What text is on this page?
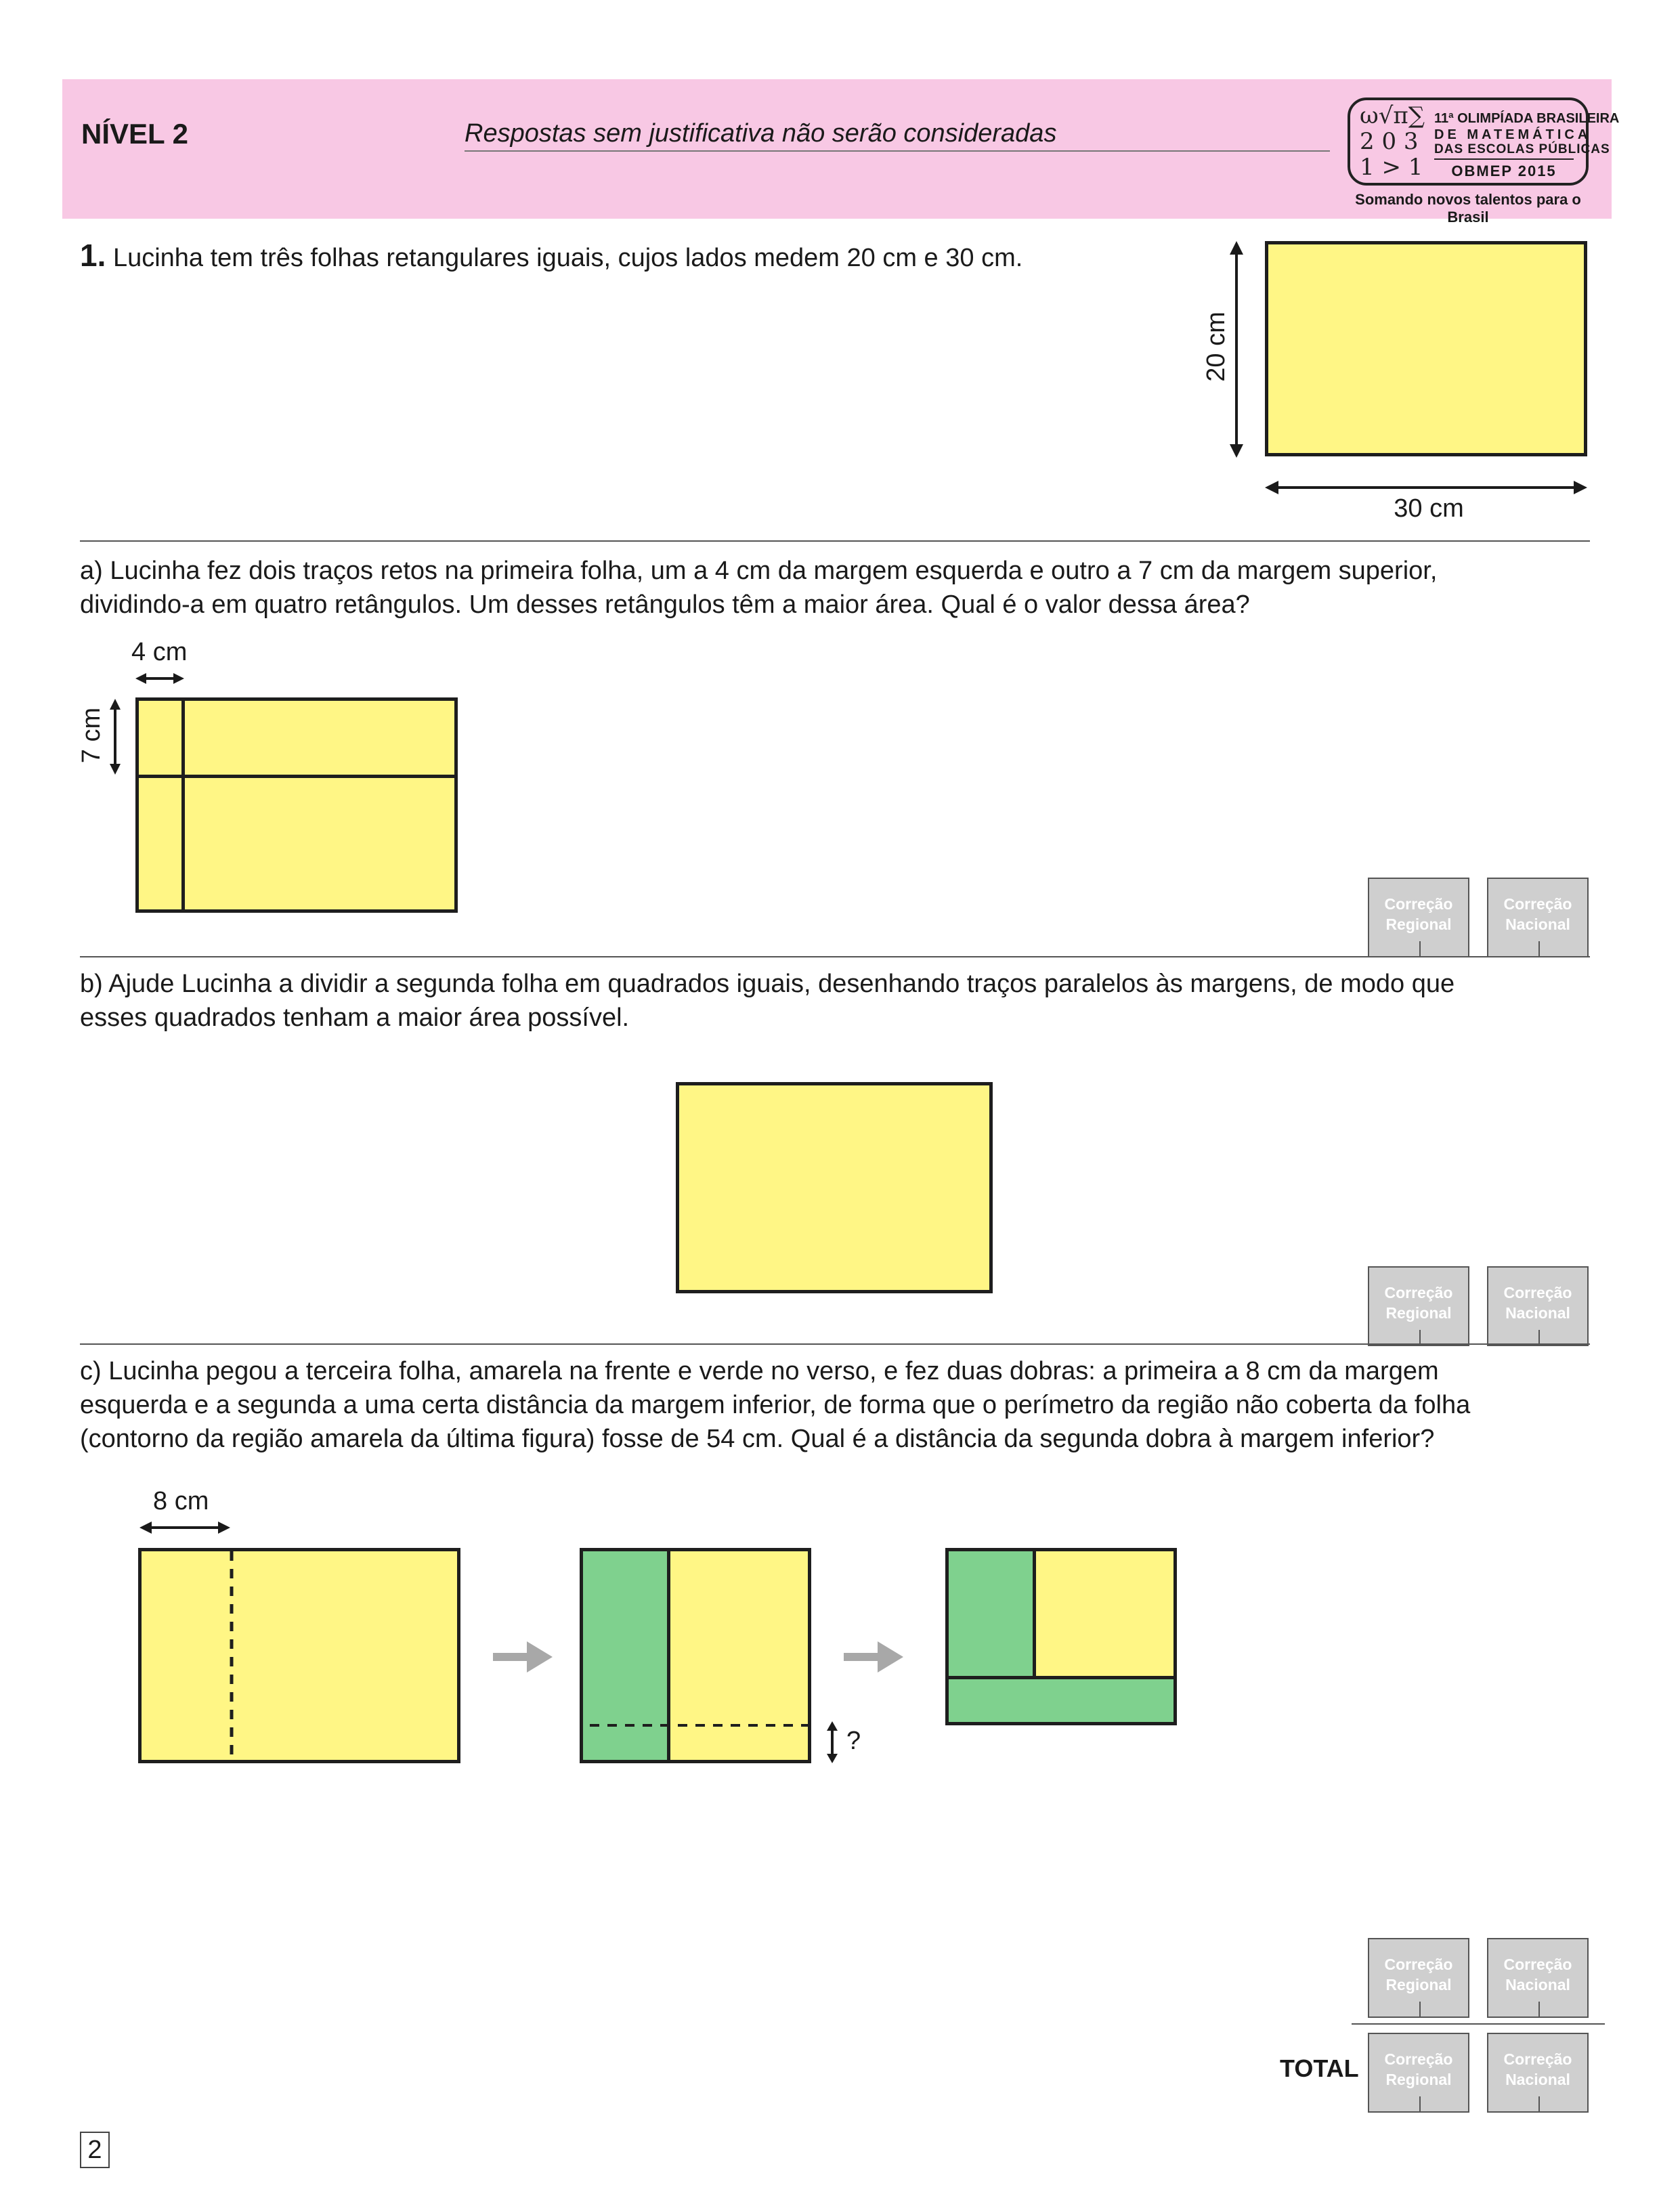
NÍVEL 2	Respostas sem justificativa não serão consideradas
ω√π∑ 2 0 3 1 > 1
11ª OLIMPÍADA BRASILEIRA
DE MATEMÁTICA
DAS ESCOLAS PÚBLICAS
OBMEP 2015
Somando novos talentos para o Brasil
1. Lucinha tem três folhas retangulares iguais, cujos lados medem 20 cm e 30 cm.
20 cm
30 cm
a) Lucinha fez dois traços retos na primeira folha, um a 4 cm da margem esquerda e outro a 7 cm da margem superior,
dividindo-a em quatro retângulos. Um desses retângulos têm a maior área. Qual é o valor dessa área?
4 cm
7 cm
Correção
Regional
Correção
Nacional
b) Ajude Lucinha a dividir a segunda folha em quadrados iguais, desenhando traços paralelos às margens, de modo que
esses quadrados tenham a maior área possível.
Correção
Regional
Correção
Nacional
c) Lucinha pegou a terceira folha, amarela na frente e verde no verso, e fez duas dobras: a primeira a 8 cm da margem
esquerda e a segunda a uma certa distância da margem inferior, de forma que o perímetro da região não coberta da folha
(contorno da região amarela da última figura) fosse de 54 cm. Qual é a distância da segunda dobra à margem inferior?
8 cm
?
Correção
Regional
Correção
Nacional
TOTAL	Correção
Regional
Correção
Nacional
2
